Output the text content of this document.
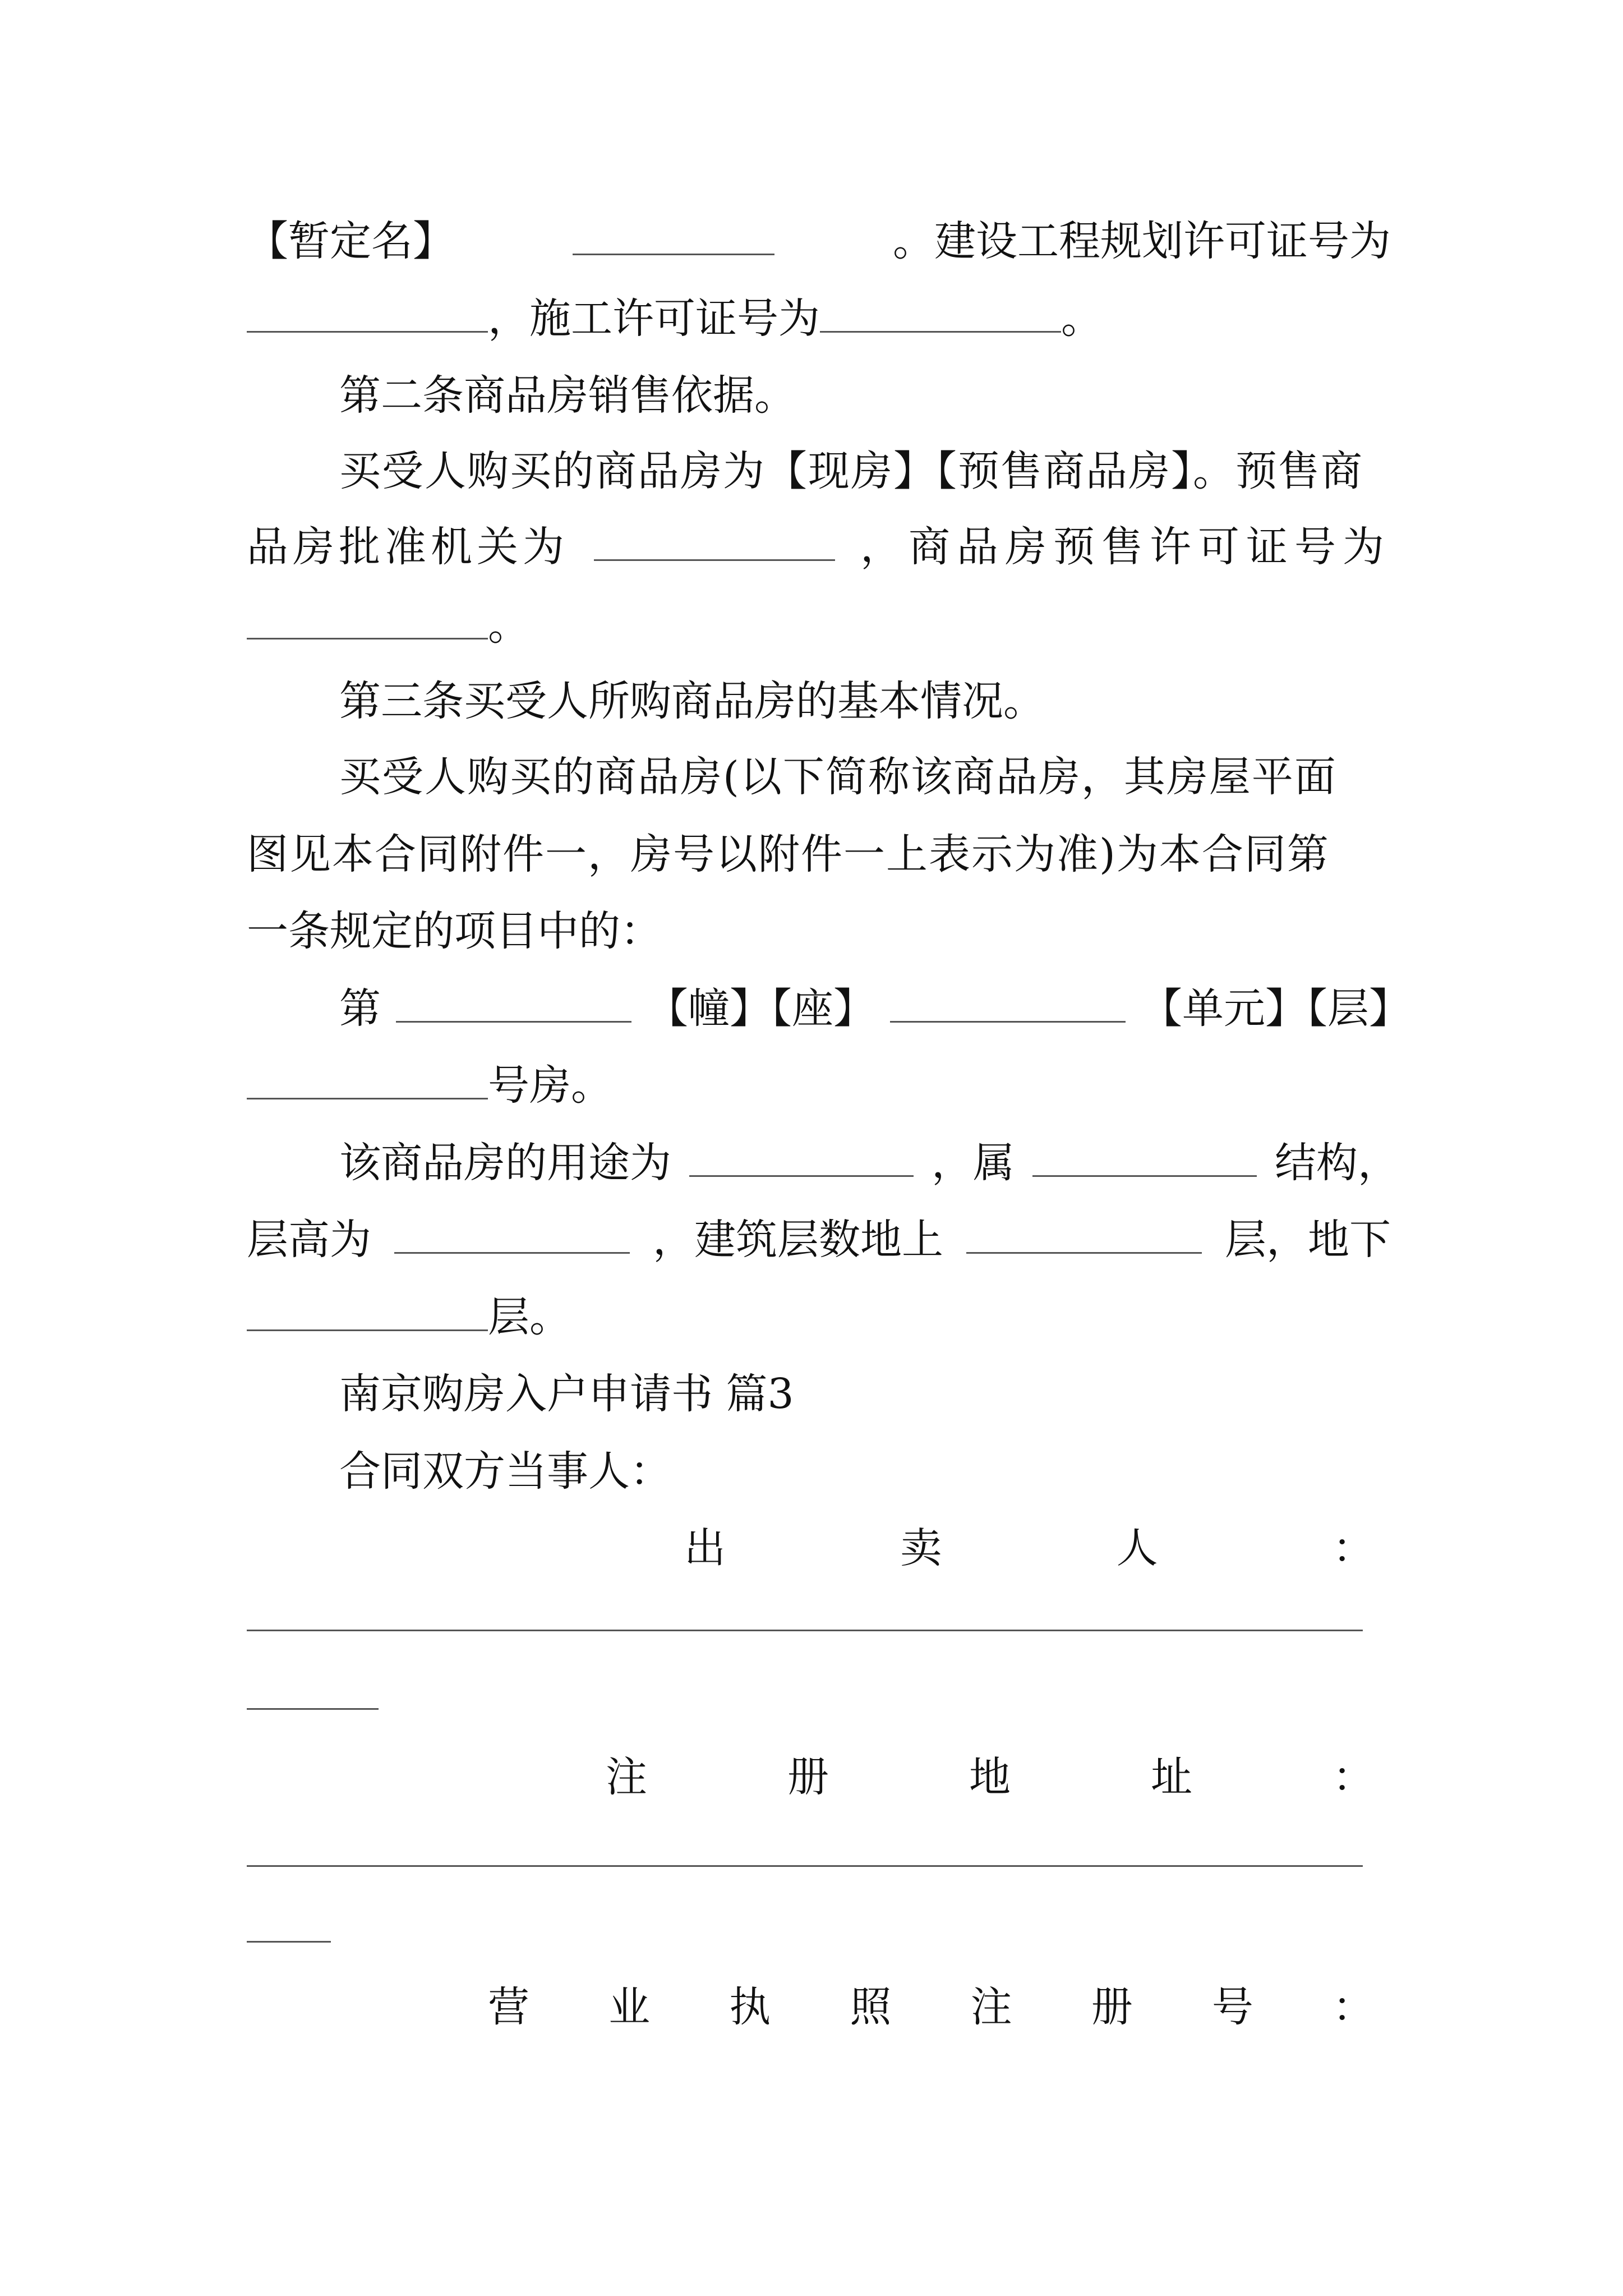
【暂定名】	。建设工程规划许可证号为
，施工许可证号为	。
第二条商品房销售依据。
买受人购买的商品房为【现房】【预售商品房】。预售商
品房批准机关为	，商品房预售许可证号为
。
第三条买受人所购商品房的基本情况。
买受人购买的商品房(以下简称该商品房，其房屋平面
图见本合同附件一，房号以附件一上表示为准)为本合同第
一条规定的项目中的：
第	【幢】【座】	【单元】【层】
号房。
该商品房的用途为	，属	结构，
层高为	，建筑层数地上	层，地下
层。
南京购房入户申请书 篇3
合同双方当事人：
出	卖	人	：
注	册	地	址	：
营 业 执 照 注 册 号 ：
